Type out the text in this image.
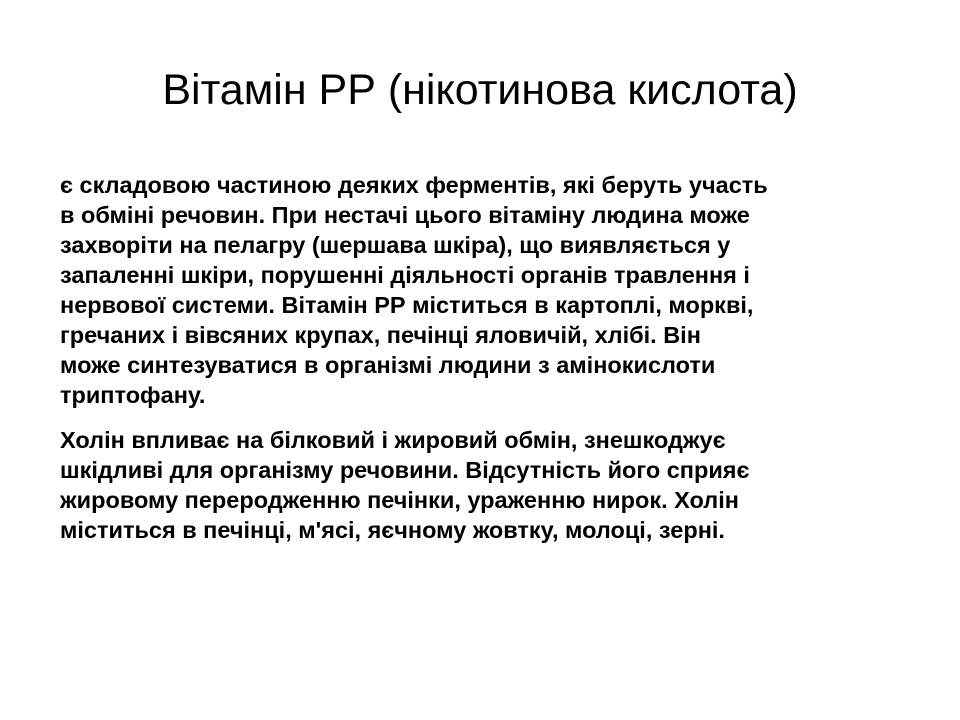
Вітамін РР (нікотинова кислота)

є складовою частиною деяких ферментів, які беруть участь
в обміні речовин. При нестачі цього вітаміну людина може
захворіти на пелагру (шершава шкіра), що виявляється у
запаленні шкіри, порушенні діяльності органів травлення і
нервової системи. Вітамін РР міститься в картоплі, моркві,
гречаних і вівсяних крупах, печінці яловичій, хлібі. Він
може синтезуватися в організмі людини з амінокислоти
триптофану.

Холін впливає на білковий і жировий обмін, знешкоджує
шкідливі для організму речовини. Відсутність його сприяє
жировому переродженню печінки, ураженню нирок. Холін
міститься в печінці, м'ясі, яєчному жовтку, молоці, зерні.
